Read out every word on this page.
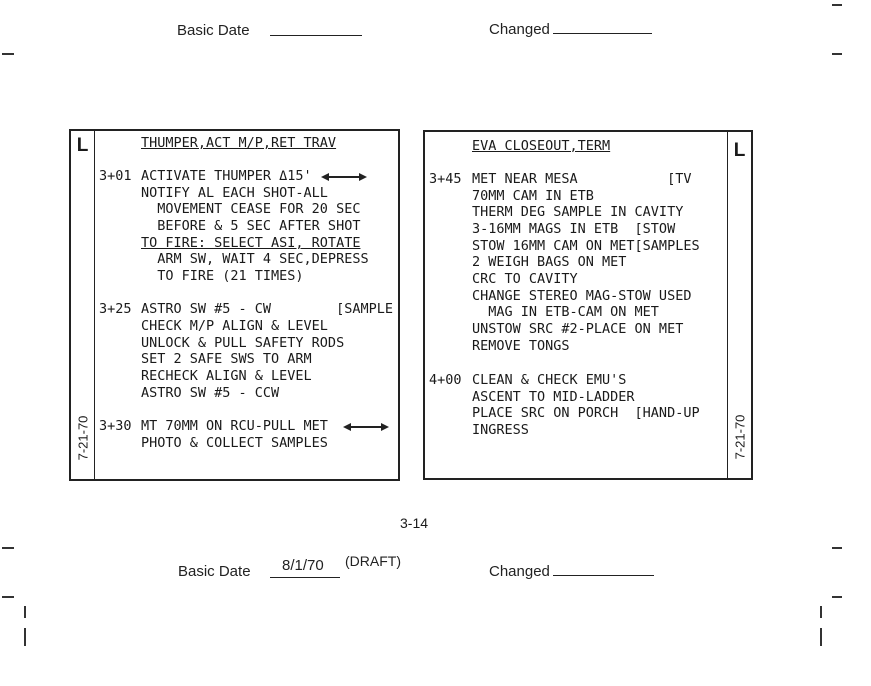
Basic Date	Changed
L
7-21-70
THUMPER,ACT M/P,RET TRAV
3+01 ACTIVATE THUMPER Δ15'
NOTIFY AL EACH SHOT-ALL
MOVEMENT CEASE FOR 20 SEC
BEFORE & 5 SEC AFTER SHOT
TO FIRE: SELECT ASI, ROTATE
ARM SW, WAIT 4 SEC,DEPRESS
TO FIRE (21 TIMES)
3+25 ASTRO SW #5 - CW        [SAMPLE
CHECK M/P ALIGN & LEVEL
UNLOCK & PULL SAFETY RODS
SET 2 SAFE SWS TO ARM
RECHECK ALIGN & LEVEL
ASTRO SW #5 - CCW
3+30 MT 70MM ON RCU-PULL MET
PHOTO & COLLECT SAMPLES
L
7-21-70
EVA CLOSEOUT,TERM
3+45 MET NEAR MESA           [TV
70MM CAM IN ETB
THERM DEG SAMPLE IN CAVITY
3-16MM MAGS IN ETB  [STOW
STOW 16MM CAM ON MET[SAMPLES
2 WEIGH BAGS ON MET
CRC TO CAVITY
CHANGE STEREO MAG-STOW USED
MAG IN ETB-CAM ON MET
UNSTOW SRC #2-PLACE ON MET
REMOVE TONGS
4+00 CLEAN & CHECK EMU'S
ASCENT TO MID-LADDER
PLACE SRC ON PORCH  [HAND-UP
INGRESS
3-14
Basic Date 8/1/70 (DRAFT)
Changed
